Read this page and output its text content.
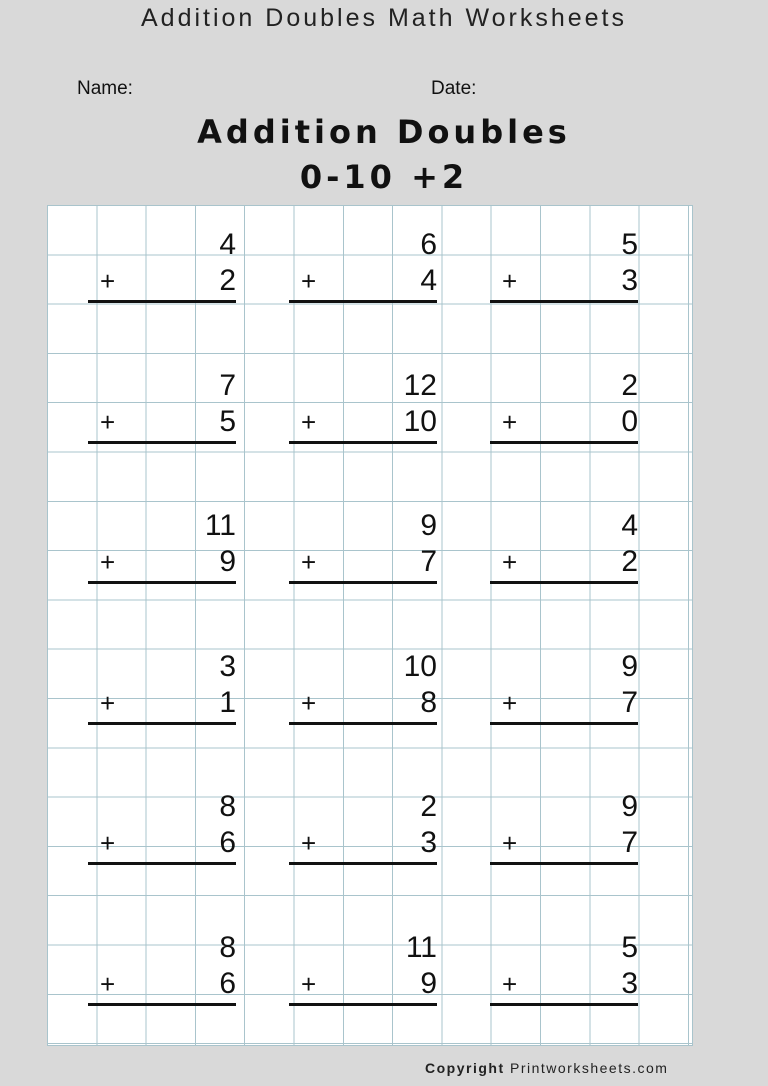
Addition Doubles Math Worksheets
Name:	Date:
Addition Doubles
0-10 +2
4
+	2
6
+	4
5
+	3
7
+	5
12
+	10
2
+	0
11
+	9
9
+	7
4
+	2
3
+	1
10
+	8
9
+	7
8
+	6
2
+	3
9
+	7
8
+	6
11
+	9
5
+	3
Copyright Printworksheets.com
